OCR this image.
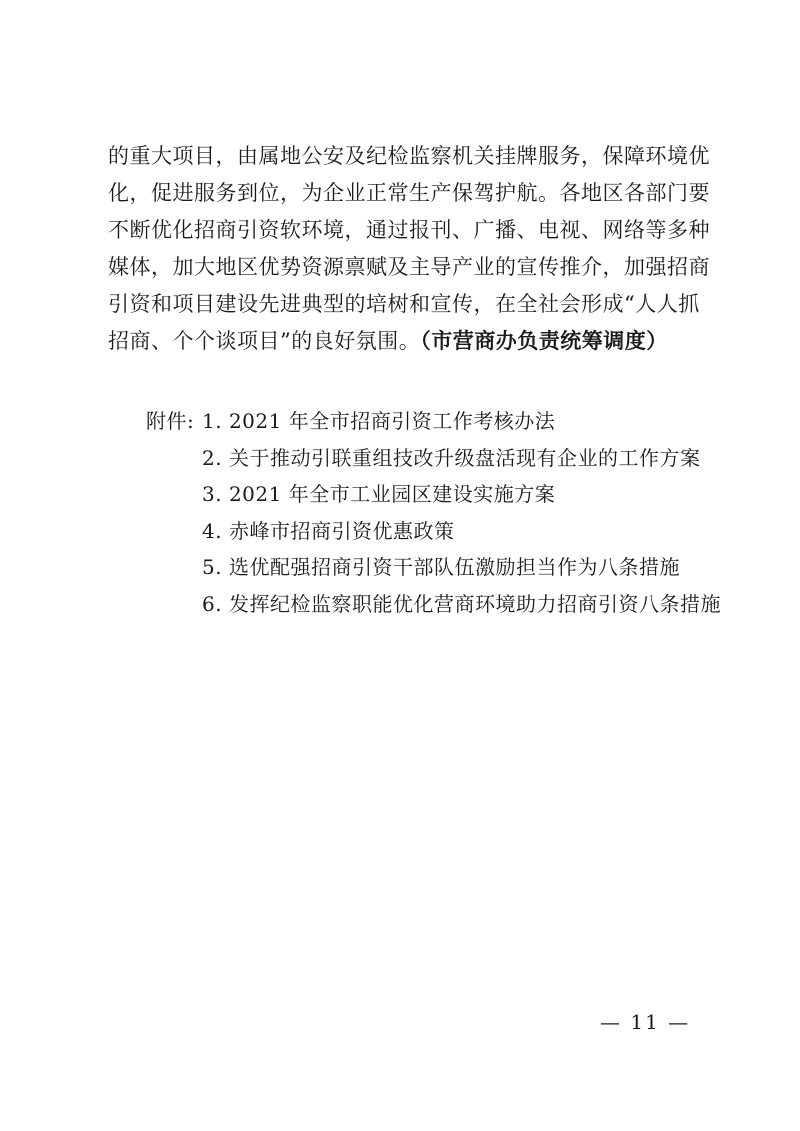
的重大项目，由属地公安及纪检监察机关挂牌服务，保障环境优
化，促进服务到位，为企业正常生产保驾护航。各地区各部门要
不断优化招商引资软环境，通过报刊、广播、电视、网络等多种
媒体，加大地区优势资源禀赋及主导产业的宣传推介，加强招商
引资和项目建设先进典型的培树和宣传，在全社会形成“人人抓
招商、个个谈项目”的良好氛围。（市营商办负责统筹调度）
附件: 1. 2021 年全市招商引资工作考核办法
2. 关于推动引联重组技改升级盘活现有企业的工作方案
3. 2021 年全市工业园区建设实施方案
4. 赤峰市招商引资优惠政策
5. 选优配强招商引资干部队伍激励担当作为八条措施
6. 发挥纪检监察职能优化营商环境助力招商引资八条措施
— 11 —
